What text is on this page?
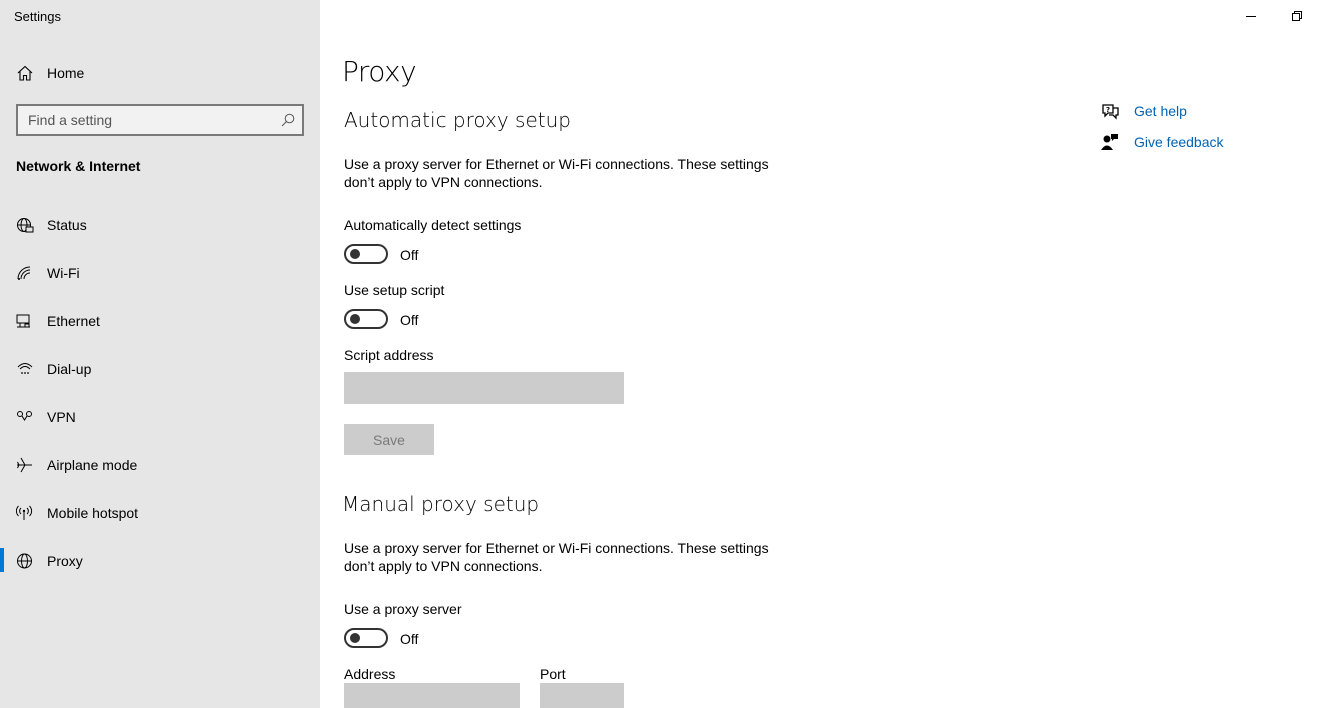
Settings
Home
Find a setting
Network & Internet
Status
Wi-Fi
Ethernet
Dial-up
VPN
Airplane mode
Mobile hotspot
Proxy
Proxy
Automatic proxy setup
Use a proxy server for Ethernet or Wi-Fi connections. These settings don’t apply to VPN connections.
Automatically detect settings
Off
Use setup script
Off
Script address
Save
Manual proxy setup
Use a proxy server for Ethernet or Wi-Fi connections. These settings don’t apply to VPN connections.
Use a proxy server
Off
Address	Port
? Get help
Give feedback
